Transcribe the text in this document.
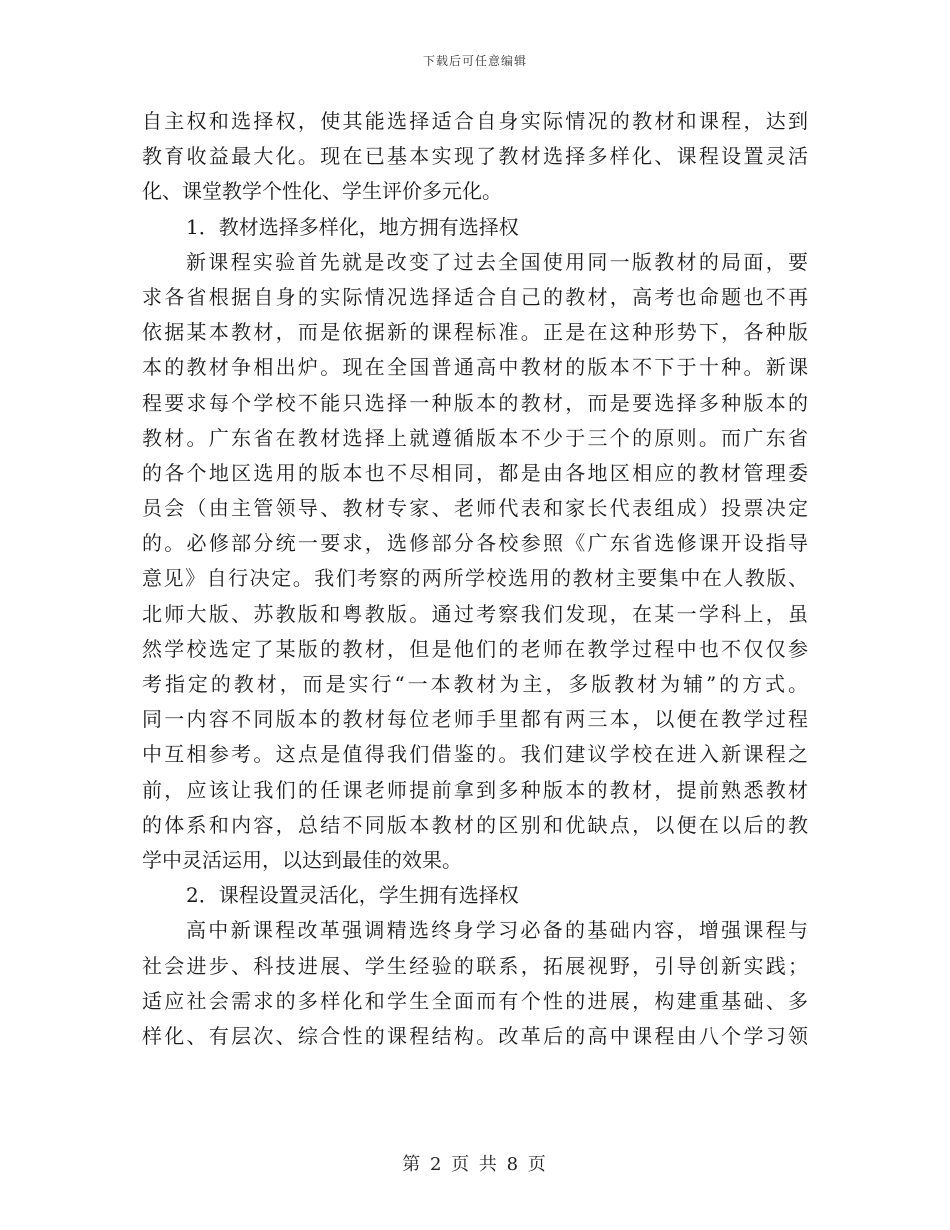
下载后可任意编辑
自主权和选择权，使其能选择适合自身实际情况的教材和课程，达到
教育收益最大化。现在已基本实现了教材选择多样化、课程设置灵活
化、课堂教学个性化、学生评价多元化。
1．教材选择多样化，地方拥有选择权
新课程实验首先就是改变了过去全国使用同一版教材的局面，要
求各省根据自身的实际情况选择适合自己的教材，高考也命题也不再
依据某本教材，而是依据新的课程标准。正是在这种形势下，各种版
本的教材争相出炉。现在全国普通高中教材的版本不下于十种。新课
程要求每个学校不能只选择一种版本的教材，而是要选择多种版本的
教材。广东省在教材选择上就遵循版本不少于三个的原则。而广东省
的各个地区选用的版本也不尽相同，都是由各地区相应的教材管理委
员会（由主管领导、教材专家、老师代表和家长代表组成）投票决定
的。必修部分统一要求，选修部分各校参照《广东省选修课开设指导
意见》自行决定。我们考察的两所学校选用的教材主要集中在人教版、
北师大版、苏教版和粤教版。通过考察我们发现，在某一学科上，虽
然学校选定了某版的教材，但是他们的老师在教学过程中也不仅仅参
考指定的教材，而是实行“一本教材为主，多版教材为辅”的方式。
同一内容不同版本的教材每位老师手里都有两三本，以便在教学过程
中互相参考。这点是值得我们借鉴的。我们建议学校在进入新课程之
前，应该让我们的任课老师提前拿到多种版本的教材，提前熟悉教材
的体系和内容，总结不同版本教材的区别和优缺点，以便在以后的教
学中灵活运用，以达到最佳的效果。
2．课程设置灵活化，学生拥有选择权
高中新课程改革强调精选终身学习必备的基础内容，增强课程与
社会进步、科技进展、学生经验的联系，拓展视野，引导创新实践；
适应社会需求的多样化和学生全面而有个性的进展，构建重基础、多
样化、有层次、综合性的课程结构。改革后的高中课程由八个学习领
第 2 页 共 8 页
